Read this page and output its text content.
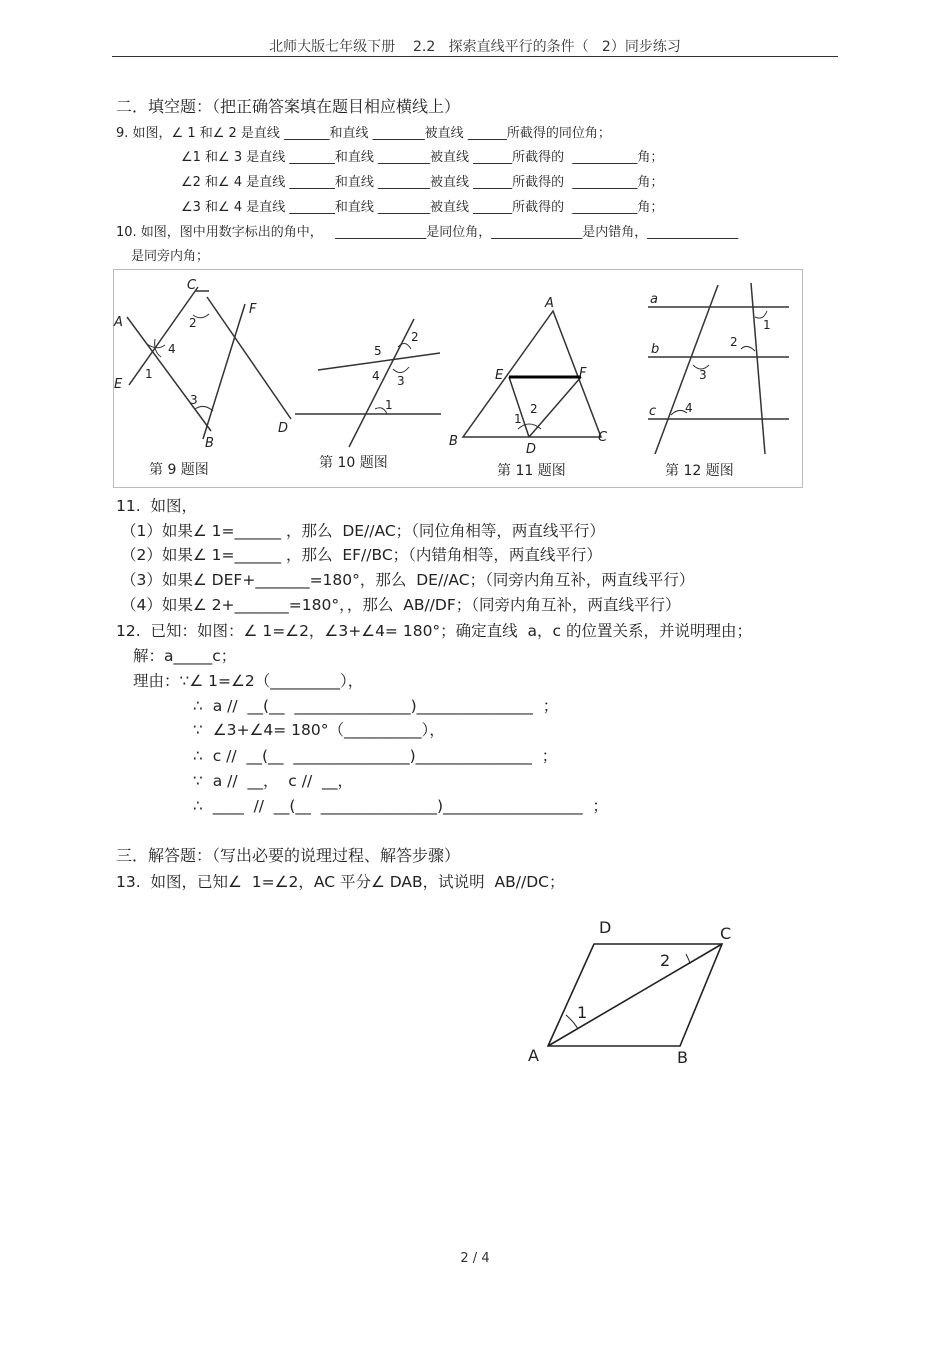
北师大版七年级下册    2.2   探索直线平行的条件（   2）同步练习
二．填空题：（把正确答案填在题目相应横线上）
9. 如图，∠ 1 和∠ 2 是直线 _______和直线 ________被直线 ______所截得的同位角；
∠1 和∠ 3 是直线 _______和直线 ________被直线 ______所截得的  __________角；
∠2 和∠ 4 是直线 _______和直线 ________被直线 ______所截得的  __________角；
∠3 和∠ 4 是直线 _______和直线 ________被直线 ______所截得的  __________角；
10. 如图，图中用数字标出的角中，   ______________是同位角，______________是内错角，______________
是同旁内角；
C
A
E
F
B
D
2
4
1
3
第 9 题图
5
2
4 3
1
第 10 题图
A
E	F
B	C
D
1
2
第 11 题图
a
b
c
1
2
3
4
第 12 题图
11.  如图，
（1）如果∠ 1=______ ，那么  DE//AC；（同位角相等，两直线平行）
（2）如果∠ 1=______ ，那么  EF//BC；（内错角相等，两直线平行）
（3）如果∠ DEF+_______=180°，那么  DE//AC；（同旁内角互补，两直线平行）
（4）如果∠ 2+_______=180°，，那么  AB//DF；（同旁内角互补，两直线平行）
12.  已知：如图：∠ 1=∠2，∠3+∠4= 180°；确定直线  a，c 的位置关系，并说明理由；
解：a_____c；
理由：∵∠ 1=∠2（_________），
∴  a //  __(__  _______________)_______________  ；
∵  ∠3+∠4= 180°（__________），
∴  c //  __(__  _______________)_______________  ；
∵  a //  __，  c //  __，
∴  ____  //  __(__  _______________)__________________  ；
三．解答题：（写出必要的说理过程、解答步骤）
13.  如图，已知∠  1=∠2，AC 平分∠ DAB，试说明  AB//DC；
D	C
A	B
2
1
2 / 4
